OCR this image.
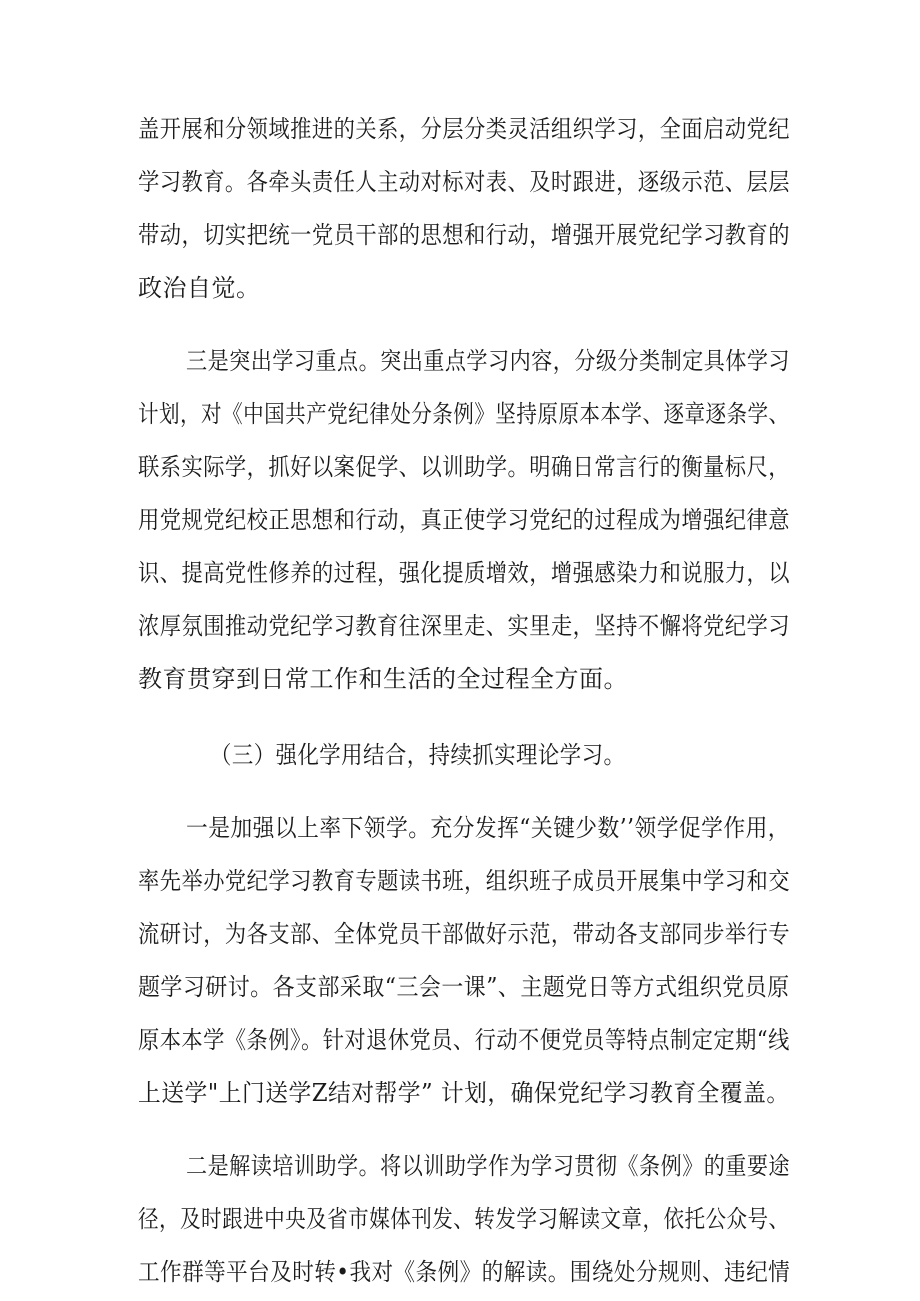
盖开展和分领域推进的关系，分层分类灵活组织学习，全面启动党纪
学习教育。各牵头责任人主动对标对表、及时跟进，逐级示范、层层
带动，切实把统一党员干部的思想和行动，增强开展党纪学习教育的
政治自觉。
三是突出学习重点。突出重点学习内容，分级分类制定具体学习
计划，对《中国共产党纪律处分条例》坚持原原本本学、逐章逐条学、
联系实际学，抓好以案促学、以训助学。明确日常言行的衡量标尺，
用党规党纪校正思想和行动，真正使学习党纪的过程成为增强纪律意
识、提高党性修养的过程，强化提质增效，增强感染力和说服力，以
浓厚氛围推动党纪学习教育往深里走、实里走，坚持不懈将党纪学习
教育贯穿到日常工作和生活的全过程全方面。
（三）强化学用结合，持续抓实理论学习。
一是加强以上率下领学。充分发挥“关键少数’’领学促学作用，
率先举办党纪学习教育专题读书班，组织班子成员开展集中学习和交
流研讨，为各支部、全体党员干部做好示范，带动各支部同步举行专
题学习研讨。各支部采取“三会一课”、主题党日等方式组织党员原
原本本学《条例》。针对退休党员、行动不便党员等特点制定定期“线
上送学"上门送学Z结对帮学” 计划，确保党纪学习教育全覆盖。
二是解读培训助学。将以训助学作为学习贯彻《条例》的重要途
径，及时跟进中央及省市媒体刊发、转发学习解读文章，依托公众号、
工作群等平台及时转•我对《条例》的解读。围绕处分规则、违纪情
